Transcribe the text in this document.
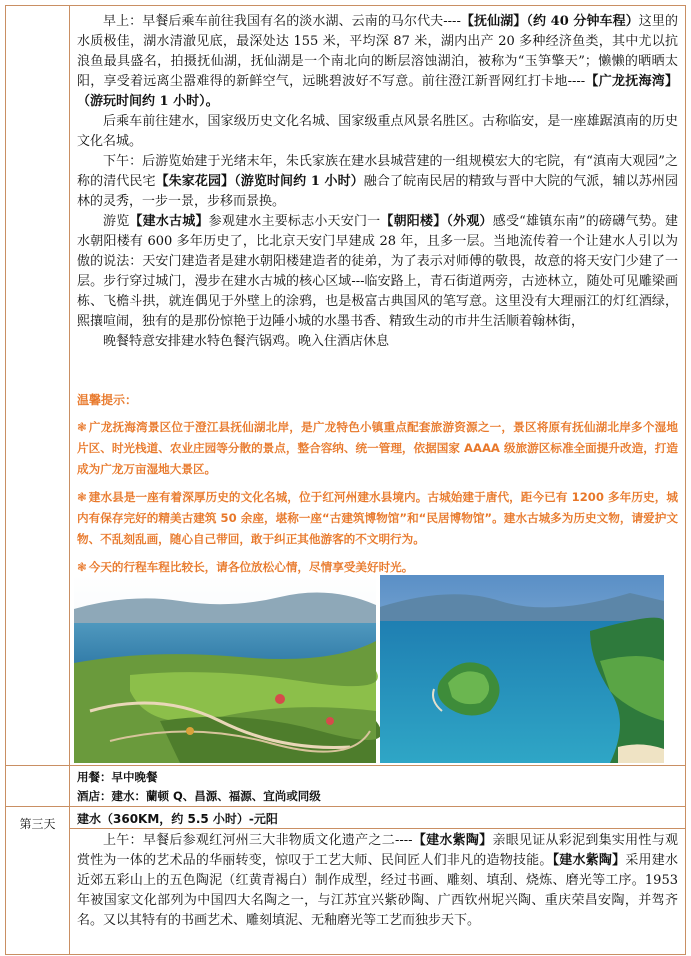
早上：早餐后乘车前往我国有名的淡水湖、云南的马尔代夫----【抚仙湖】（约 40 分钟车程）这里的水质极佳，湖水清澈见底，最深处达 155 米，平均深 87 米，湖内出产 20 多种经济鱼类，其中尤以抗浪鱼最具盛名，拍摄抚仙湖，抚仙湖是一个南北向的断层溶蚀湖泊，被称为“玉笋擎天”；懒懒的晒晒太阳，享受着远离尘嚣难得的新鲜空气，远眺碧波好不写意。前往澄江新晋网红打卡地----【广龙抚海湾】（游玩时间约 1 小时）。

后乘车前往建水，国家级历史文化名城、国家级重点风景名胜区。古称临安，是一座雄踞滇南的历史文化名城。

下午：后游览始建于光绪末年，朱氏家族在建水县城营建的一组规模宏大的宅院，有“滇南大观园”之称的清代民宅【朱家花园】（游览时间约 1 小时）融合了皖南民居的精致与晋中大院的气派，辅以苏州园林的灵秀，一步一景，步移而景换。

游览【建水古城】参观建水主要标志小天安门一【朝阳楼】（外观）感受“雄镇东南”的磅礴气势。建水朝阳楼有 600 多年历史了，比北京天安门早建成 28 年，且多一层。当地流传着一个让建水人引以为傲的说法：天安门建造者是建水朝阳楼建造者的徒弟，为了表示对师傅的敬畏，故意的将天安门少建了一层。步行穿过城门，漫步在建水古城的核心区域---临安路上，青石街道两旁，古迹林立，随处可见雕梁画栋、飞檐斗拱，就连偶见于外壁上的涂鸦，也是极富古典国风的笔写意。这里没有大理丽江的灯红酒绿，熙攘喧闹，独有的是那份惊艳于边陲小城的水墨书香、精致生动的市井生活顺着翰林街，

晚餐特意安排建水特色餐汽锅鸡。晚入住酒店休息

温馨提示：

❃ 广龙抚海湾景区位于澄江县抚仙湖北岸，是广龙特色小镇重点配套旅游资源之一，景区将原有抚仙湖北岸多个湿地片区、时光栈道、农业庄园等分散的景点，整合容纳、统一管理，依据国家 AAAA 级旅游区标准全面提升改造，打造成为广龙万亩湿地大景区。

❃ 建水县是一座有着深厚历史的文化名城，位于红河州建水县境内。古城始建于唐代，距今已有 1200 多年历史，城内有保存完好的精美古建筑 50 余座，堪称一座“古建筑博物馆”和“民居博物馆”。建水古城多为历史文物，请爱护文物、不乱刻乱画，随心自己带回，敢于纠正其他游客的不文明行为。

❃ 今天的行程车程比较长，请各位放松心情，尽情享受美好时光。

用餐：早中晚餐

酒店：建水：蘭顿 Q、昌源、福源、宜尚或同级

第三天	建水（360KM，约 5.5 小时）-元阳

上午：早餐后参观红河州三大非物质文化遗产之二----【建水紫陶】亲眼见证从彩泥到集实用性与观赏性为一体的艺术品的华丽转变，惊叹于工艺大师、民间匠人们非凡的造物技能。【建水紫陶】采用建水近郊五彩山上的五色陶泥（红黄青褐白）制作成型，经过书画、雕刻、填刮、烧炼、磨光等工序。1953 年被国家文化部列为中国四大名陶之一，与江苏宜兴紫砂陶、广西钦州坭兴陶、重庆荣昌安陶，并驾齐名。又以其特有的书画艺术、雕刻填泥、无釉磨光等工艺而独步天下。
